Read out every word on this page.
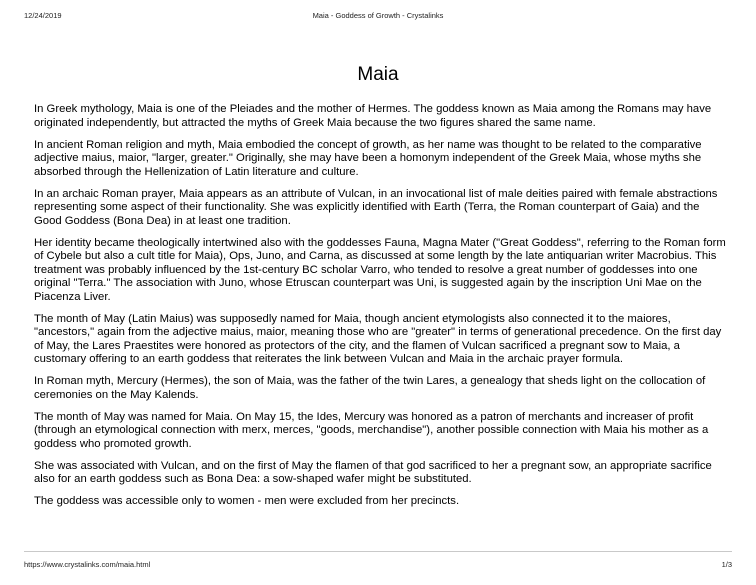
12/24/2019	Maia - Goddess of Growth - Crystalinks
Maia

In Greek mythology, Maia is one of the Pleiades and the mother of Hermes. The goddess known as Maia among the Romans may have originated independently, but attracted the myths of Greek Maia because the two figures shared the same name.

In ancient Roman religion and myth, Maia embodied the concept of growth, as her name was thought to be related to the comparative adjective maius, maior, "larger, greater." Originally, she may have been a homonym independent of the Greek Maia, whose myths she absorbed through the Hellenization of Latin literature and culture.

In an archaic Roman prayer, Maia appears as an attribute of Vulcan, in an invocational list of male deities paired with female abstractions representing some aspect of their functionality. She was explicitly identified with Earth (Terra, the Roman counterpart of Gaia) and the Good Goddess (Bona Dea) in at least one tradition.

Her identity became theologically intertwined also with the goddesses Fauna, Magna Mater ("Great Goddess", referring to the Roman form of Cybele but also a cult title for Maia), Ops, Juno, and Carna, as discussed at some length by the late antiquarian writer Macrobius. This treatment was probably influenced by the 1st-century BC scholar Varro, who tended to resolve a great number of goddesses into one original "Terra." The association with Juno, whose Etruscan counterpart was Uni, is suggested again by the inscription Uni Mae on the Piacenza Liver.

The month of May (Latin Maius) was supposedly named for Maia, though ancient etymologists also connected it to the maiores, "ancestors," again from the adjective maius, maior, meaning those who are "greater" in terms of generational precedence. On the first day of May, the Lares Praestites were honored as protectors of the city, and the flamen of Vulcan sacrificed a pregnant sow to Maia, a customary offering to an earth goddess that reiterates the link between Vulcan and Maia in the archaic prayer formula.

In Roman myth, Mercury (Hermes), the son of Maia, was the father of the twin Lares, a genealogy that sheds light on the collocation of ceremonies on the May Kalends.

The month of May was named for Maia. On May 15, the Ides, Mercury was honored as a patron of merchants and increaser of profit (through an etymological connection with merx, merces, "goods, merchandise"), another possible connection with Maia his mother as a goddess who promoted growth.

She was associated with Vulcan, and on the first of May the flamen of that god sacrificed to her a pregnant sow, an appropriate sacrifice also for an earth goddess such as Bona Dea: a sow-shaped wafer might be substituted.

The goddess was accessible only to women - men were excluded from her precincts.

https://www.crystalinks.com/maia.html	1/3
